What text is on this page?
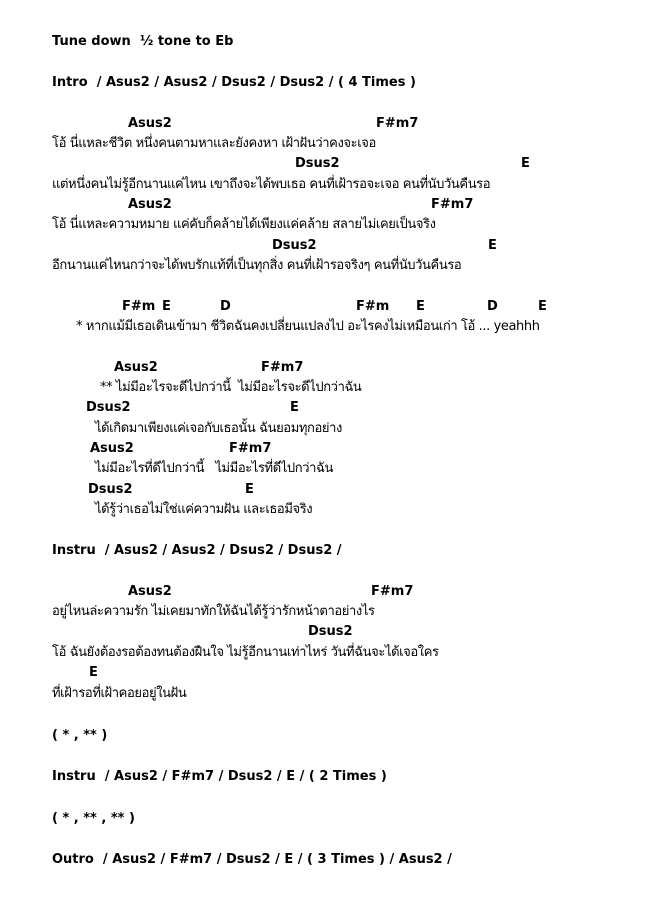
Tune down  ½ tone to Eb
Intro  / Asus2 / Asus2 / Dsus2 / Dsus2 / ( 4 Times )
Asus2	F#m7
โอ้ นี่แหละชีวิต หนึ่งคนตามหาและยังคงหา เฝ้าฝันว่าคงจะเจอ
Dsus2	E
แต่หนึ่งคนไม่รู้อีกนานแค่ไหน เขาถึงจะได้พบเธอ คนที่เฝ้ารอจะเจอ คนที่นับวันคืนรอ
Asus2	F#m7
โอ้ นี่แหละความหมาย แค่คับก็คล้ายได้เพียงแค่คล้าย สลายไม่เคยเป็นจริง
Dsus2	E
อีกนานแค่ไหนกว่าจะได้พบรักแท้ที่เป็นทุกสิ่ง คนที่เฝ้ารอจริงๆ คนที่นับวันคืนรอ
F#m E	D	F#m E	D	E
* หากแม้มีเธอเดินเข้ามา ชีวิตฉันคงเปลี่ยนแปลงไป อะไรคงไม่เหมือนเก่า โอ้ ... yeahhh
Asus2	F#m7
** ไม่มีอะไรจะดีไปกว่านี้  ไม่มีอะไรจะดีไปกว่าฉัน
Dsus2	E
ได้เกิดมาเพียงแค่เจอกับเธอนั้น ฉันยอมทุกอย่าง
Asus2	F#m7
ไม่มีอะไรที่ดีไปกว่านี้   ไม่มีอะไรที่ดีไปกว่าฉัน
Dsus2	E
ได้รู้ว่าเธอไม่ใช่แค่ความฝัน และเธอมีจริง
Instru  / Asus2 / Asus2 / Dsus2 / Dsus2 /
Asus2	F#m7
อยู่ไหนล่ะความรัก ไม่เคยมาทักให้ฉันได้รู้ว่ารักหน้าตาอย่างไร
Dsus2
โอ้ ฉันยังต้องรอต้องทนต้องฝืนใจ ไม่รู้อีกนานเท่าไหร่ วันที่ฉันจะได้เจอใคร
E
ที่เฝ้ารอที่เฝ้าคอยอยู่ในฝัน
( * , ** )
Instru  / Asus2 / F#m7 / Dsus2 / E / ( 2 Times )
( * , ** , ** )
Outro  / Asus2 / F#m7 / Dsus2 / E / ( 3 Times ) / Asus2 /
